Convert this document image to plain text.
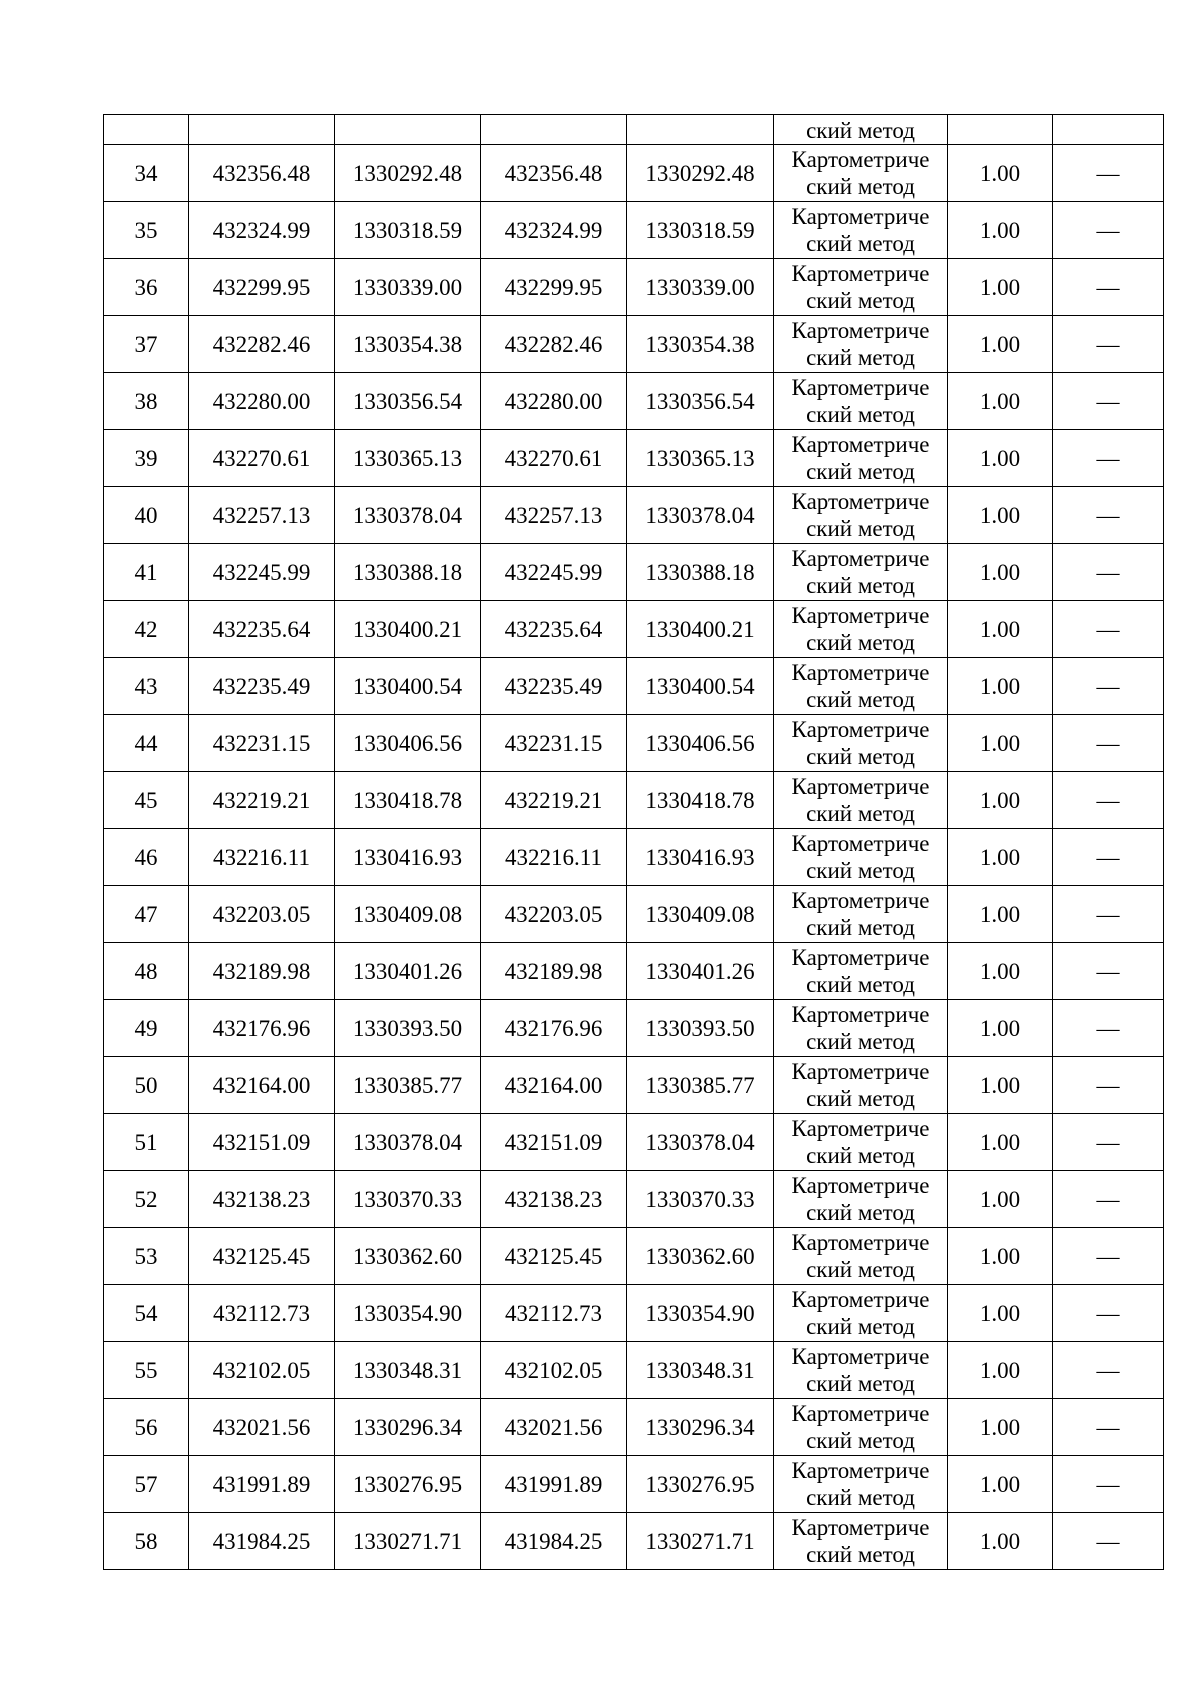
					ский метод		
34	432356.48	1330292.48	432356.48	1330292.48	Картометриче
ский метод	1.00	—
35	432324.99	1330318.59	432324.99	1330318.59	Картометриче
ский метод	1.00	—
36	432299.95	1330339.00	432299.95	1330339.00	Картометриче
ский метод	1.00	—
37	432282.46	1330354.38	432282.46	1330354.38	Картометриче
ский метод	1.00	—
38	432280.00	1330356.54	432280.00	1330356.54	Картометриче
ский метод	1.00	—
39	432270.61	1330365.13	432270.61	1330365.13	Картометриче
ский метод	1.00	—
40	432257.13	1330378.04	432257.13	1330378.04	Картометриче
ский метод	1.00	—
41	432245.99	1330388.18	432245.99	1330388.18	Картометриче
ский метод	1.00	—
42	432235.64	1330400.21	432235.64	1330400.21	Картометриче
ский метод	1.00	—
43	432235.49	1330400.54	432235.49	1330400.54	Картометриче
ский метод	1.00	—
44	432231.15	1330406.56	432231.15	1330406.56	Картометриче
ский метод	1.00	—
45	432219.21	1330418.78	432219.21	1330418.78	Картометриче
ский метод	1.00	—
46	432216.11	1330416.93	432216.11	1330416.93	Картометриче
ский метод	1.00	—
47	432203.05	1330409.08	432203.05	1330409.08	Картометриче
ский метод	1.00	—
48	432189.98	1330401.26	432189.98	1330401.26	Картометриче
ский метод	1.00	—
49	432176.96	1330393.50	432176.96	1330393.50	Картометриче
ский метод	1.00	—
50	432164.00	1330385.77	432164.00	1330385.77	Картометриче
ский метод	1.00	—
51	432151.09	1330378.04	432151.09	1330378.04	Картометриче
ский метод	1.00	—
52	432138.23	1330370.33	432138.23	1330370.33	Картометриче
ский метод	1.00	—
53	432125.45	1330362.60	432125.45	1330362.60	Картометриче
ский метод	1.00	—
54	432112.73	1330354.90	432112.73	1330354.90	Картометриче
ский метод	1.00	—
55	432102.05	1330348.31	432102.05	1330348.31	Картометриче
ский метод	1.00	—
56	432021.56	1330296.34	432021.56	1330296.34	Картометриче
ский метод	1.00	—
57	431991.89	1330276.95	431991.89	1330276.95	Картометриче
ский метод	1.00	—
58	431984.25	1330271.71	431984.25	1330271.71	Картометриче
ский метод	1.00	—
